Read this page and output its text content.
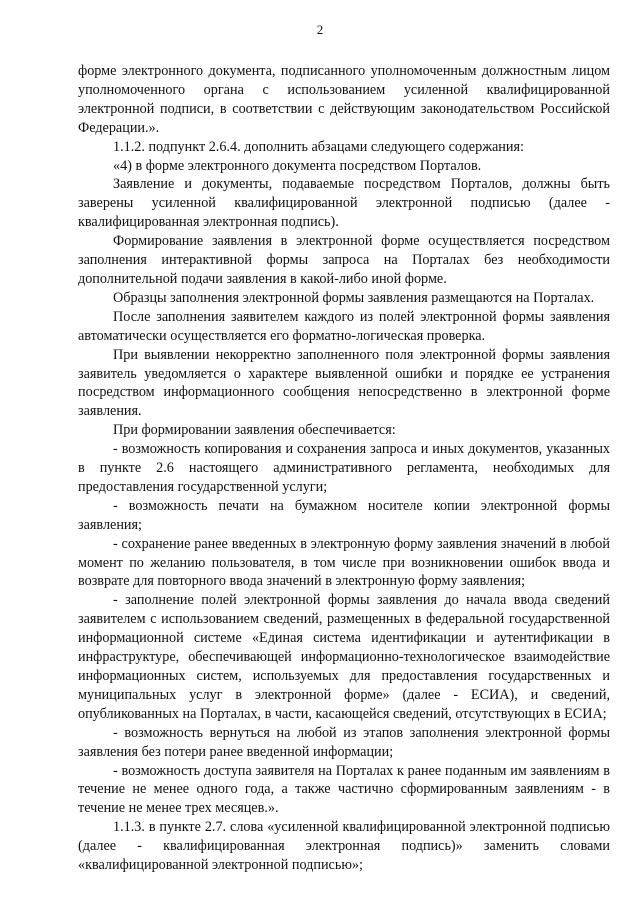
2

форме электронного документа, подписанного уполномоченным должностным лицом уполномоченного органа с использованием усиленной квалифицированной электронной подписи, в соответствии с действующим законодательством Российской Федерации.».

1.1.2. подпункт 2.6.4. дополнить абзацами следующего содержания:

«4) в форме электронного документа посредством Порталов.

Заявление и документы, подаваемые посредством Порталов, должны быть заверены усиленной квалифицированной электронной подписью (далее - квалифицированная электронная подпись).

Формирование заявления в электронной форме осуществляется посредством заполнения интерактивной формы запроса на Порталах без необходимости дополнительной подачи заявления в какой-либо иной форме.

Образцы заполнения электронной формы заявления размещаются на Порталах.

После заполнения заявителем каждого из полей электронной формы заявления автоматически осуществляется его форматно-логическая проверка.

При выявлении некорректно заполненного поля электронной формы заявления заявитель уведомляется о характере выявленной ошибки и порядке ее устранения посредством информационного сообщения непосредственно в электронной форме заявления.

При формировании заявления обеспечивается:

- возможность копирования и сохранения запроса и иных документов, указанных в пункте 2.6 настоящего административного регламента, необходимых для предоставления государственной услуги;

- возможность печати на бумажном носителе копии электронной формы заявления;

- сохранение ранее введенных в электронную форму заявления значений в любой момент по желанию пользователя, в том числе при возникновении ошибок ввода и возврате для повторного ввода значений в электронную форму заявления;

- заполнение полей электронной формы заявления до начала ввода сведений заявителем с использованием сведений, размещенных в федеральной государственной информационной системе «Единая система идентификации и аутентификации в инфраструктуре, обеспечивающей информационно-технологическое взаимодействие информационных систем, используемых для предоставления государственных и муниципальных услуг в электронной форме» (далее - ЕСИА), и сведений, опубликованных на Порталах, в части, касающейся сведений, отсутствующих в ЕСИА;

- возможность вернуться на любой из этапов заполнения электронной формы заявления без потери ранее введенной информации;

- возможность доступа заявителя на Порталах к ранее поданным им заявлениям в течение не менее одного года, а также частично сформированным заявлениям - в течение не менее трех месяцев.».

1.1.3. в пункте 2.7. слова «усиленной квалифицированной электронной подписью (далее - квалифицированная электронная подпись)» заменить словами «квалифицированной электронной подписью»;
